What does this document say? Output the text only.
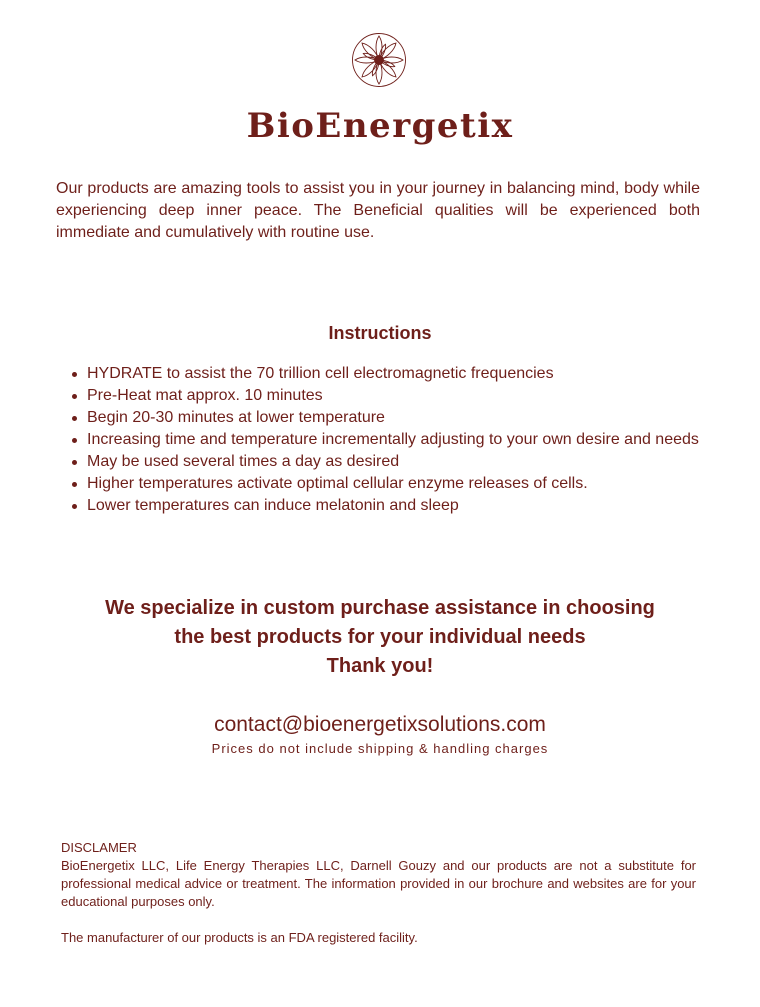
BioEnergetix

Our products are amazing tools to assist you in your journey in balancing mind, body while experiencing deep inner peace. The Beneficial qualities will be experienced both immediate and cumulatively with routine use.

Instructions
HYDRATE to assist the 70 trillion cell electromagnetic frequencies
Pre-Heat mat approx. 10 minutes
Begin 20-30 minutes at lower temperature
Increasing time and temperature incrementally adjusting to your own desire and needs
May be used several times a day as desired
Higher temperatures activate optimal cellular enzyme releases of cells.
Lower temperatures can induce melatonin and sleep
We specialize in custom purchase assistance in choosing
the best products for your individual needs
Thank you!
contact@bioenergetixsolutions.com
Prices do not include shipping & handling charges

DISCLAMER

BioEnergetix LLC, Life Energy Therapies LLC, Darnell Gouzy and our products are not a substitute for professional medical advice or treatment. The information provided in our brochure and websites are for your educational purposes only.

The manufacturer of our products is an FDA registered facility.
